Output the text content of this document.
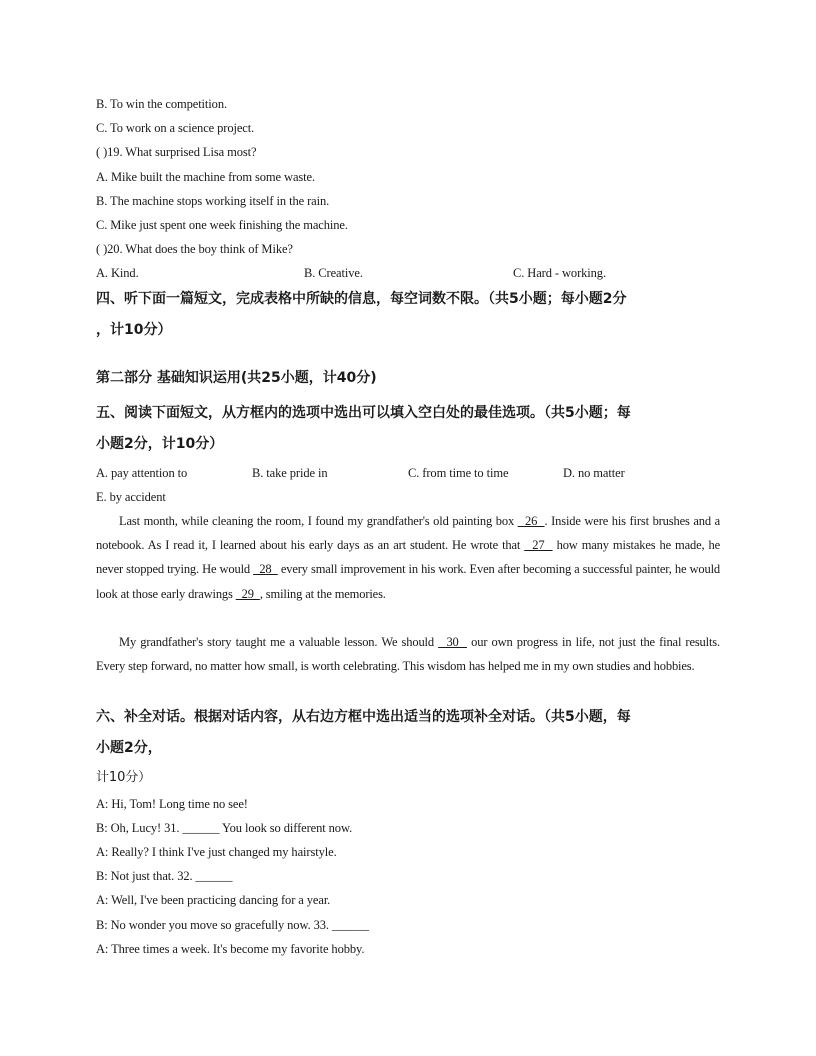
B. To win the competition.
C. To work on a science project.
( )19. What surprised Lisa most?
A. Mike built the machine from some waste.
B. The machine stops working itself in the rain.
C. Mike just spent one week finishing the machine.
( )20. What does the boy think of Mike?
A. Kind.	B. Creative.	C. Hard - working.
四、听下面一篇短文，完成表格中所缺的信息，每空词数不限。（共5小题；每小题2分
，计10分）
第二部分 基础知识运用(共25小题，计40分)
五、阅读下面短文，从方框内的选项中选出可以填入空白处的最佳选项。（共5小题；每
小题2分，计10分）
A. pay attention to	B. take pride in	C. from time to time	D. no matter
E. by accident
Last month, while cleaning the room, I found my grandfather's old painting box   26  . Inside were his first brushes and a notebook. As I read it, I learned about his early days as an art student. He wrote that   27   how many mistakes he made, he never stopped trying. He would   28   every small improvement in his work. Even after becoming a successful painter, he would look at those early drawings   29  , smiling at the memories.
My grandfather's story taught me a valuable lesson. We should   30   our own progress in life, not just the final results. Every step forward, no matter how small, is worth celebrating. This wisdom has helped me in my own studies and hobbies.
六、补全对话。根据对话内容，从右边方框中选出适当的选项补全对话。（共5小题，每
小题2分，
计10分）
A: Hi, Tom! Long time no see!
B: Oh, Lucy! 31. ______ You look so different now.
A: Really? I think I've just changed my hairstyle.
B: Not just that. 32. ______
A: Well, I've been practicing dancing for a year.
B: No wonder you move so gracefully now. 33. ______
A: Three times a week. It's become my favorite hobby.
